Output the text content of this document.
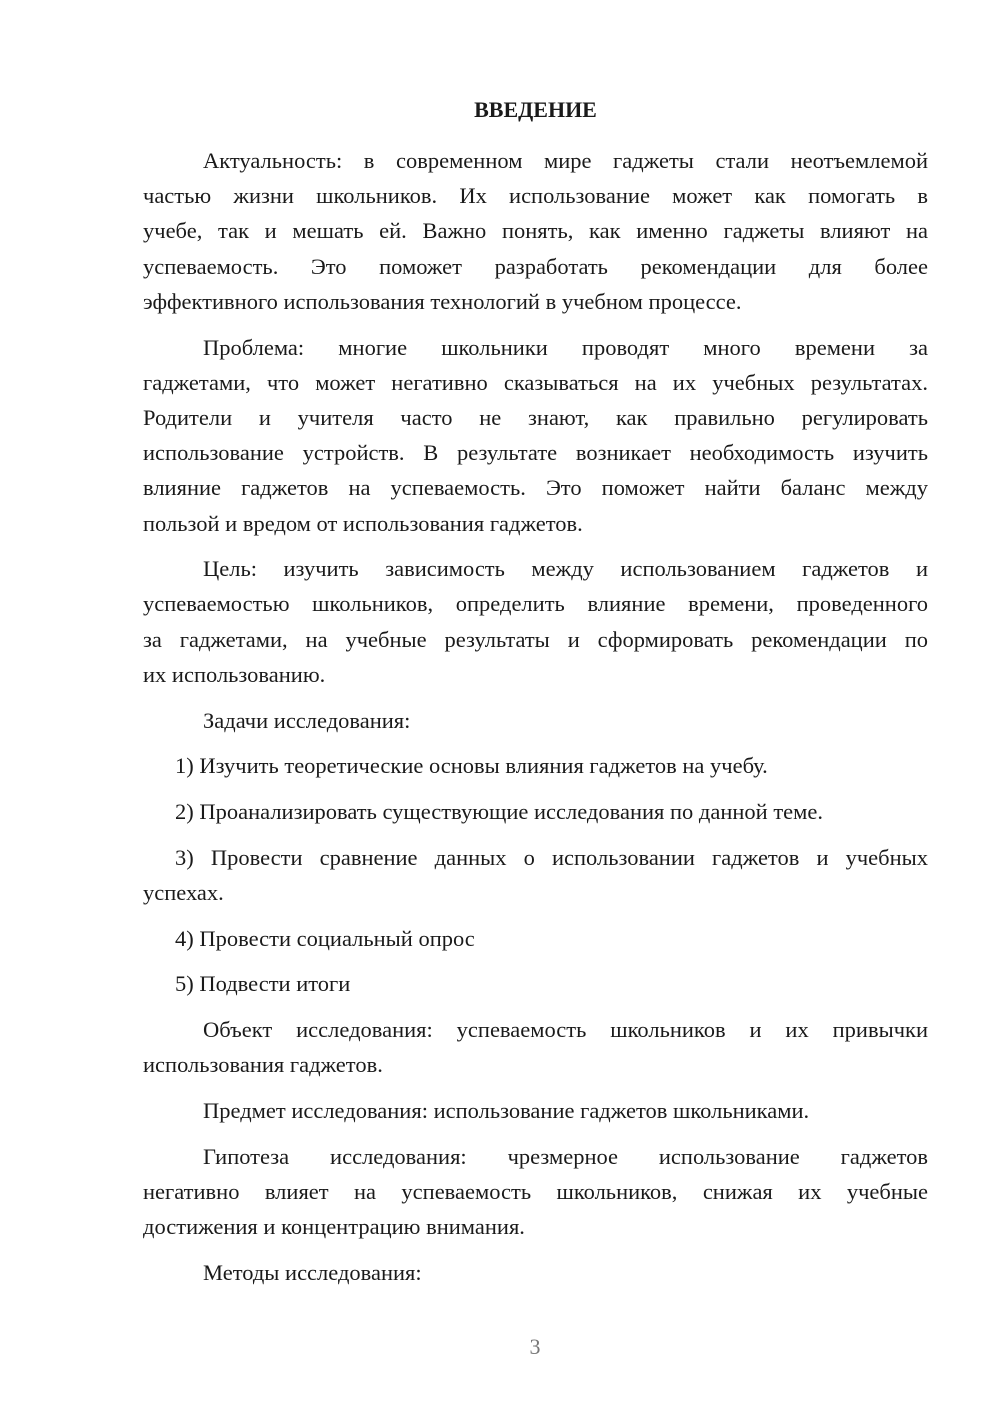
ВВЕДЕНИЕ
Актуальность: в современном мире гаджеты стали неотъемлемой
частью жизни школьников. Их использование может как помогать в
учебе, так и мешать ей. Важно понять, как именно гаджеты влияют на
успеваемость. Это поможет разработать рекомендации для более
эффективного использования технологий в учебном процессе.
Проблема: многие школьники проводят много времени за
гаджетами, что может негативно сказываться на их учебных результатах.
Родители и учителя часто не знают, как правильно регулировать
использование устройств. В результате возникает необходимость изучить
влияние гаджетов на успеваемость. Это поможет найти баланс между
пользой и вредом от использования гаджетов.
Цель: изучить зависимость между использованием гаджетов и
успеваемостью школьников, определить влияние времени, проведенного
за гаджетами, на учебные результаты и сформировать рекомендации по
их использованию.
Задачи исследования:
1) Изучить теоретические основы влияния гаджетов на учебу.
2) Проанализировать существующие исследования по данной теме.
3) Провести сравнение данных о использовании гаджетов и учебных
успехах.
4) Провести социальный опрос
5) Подвести итоги
Объект исследования: успеваемость школьников и их привычки
использования гаджетов.
Предмет исследования: использование гаджетов школьниками.
Гипотеза исследования: чрезмерное использование гаджетов
негативно влияет на успеваемость школьников, снижая их учебные
достижения и концентрацию внимания.
Методы исследования:
3
